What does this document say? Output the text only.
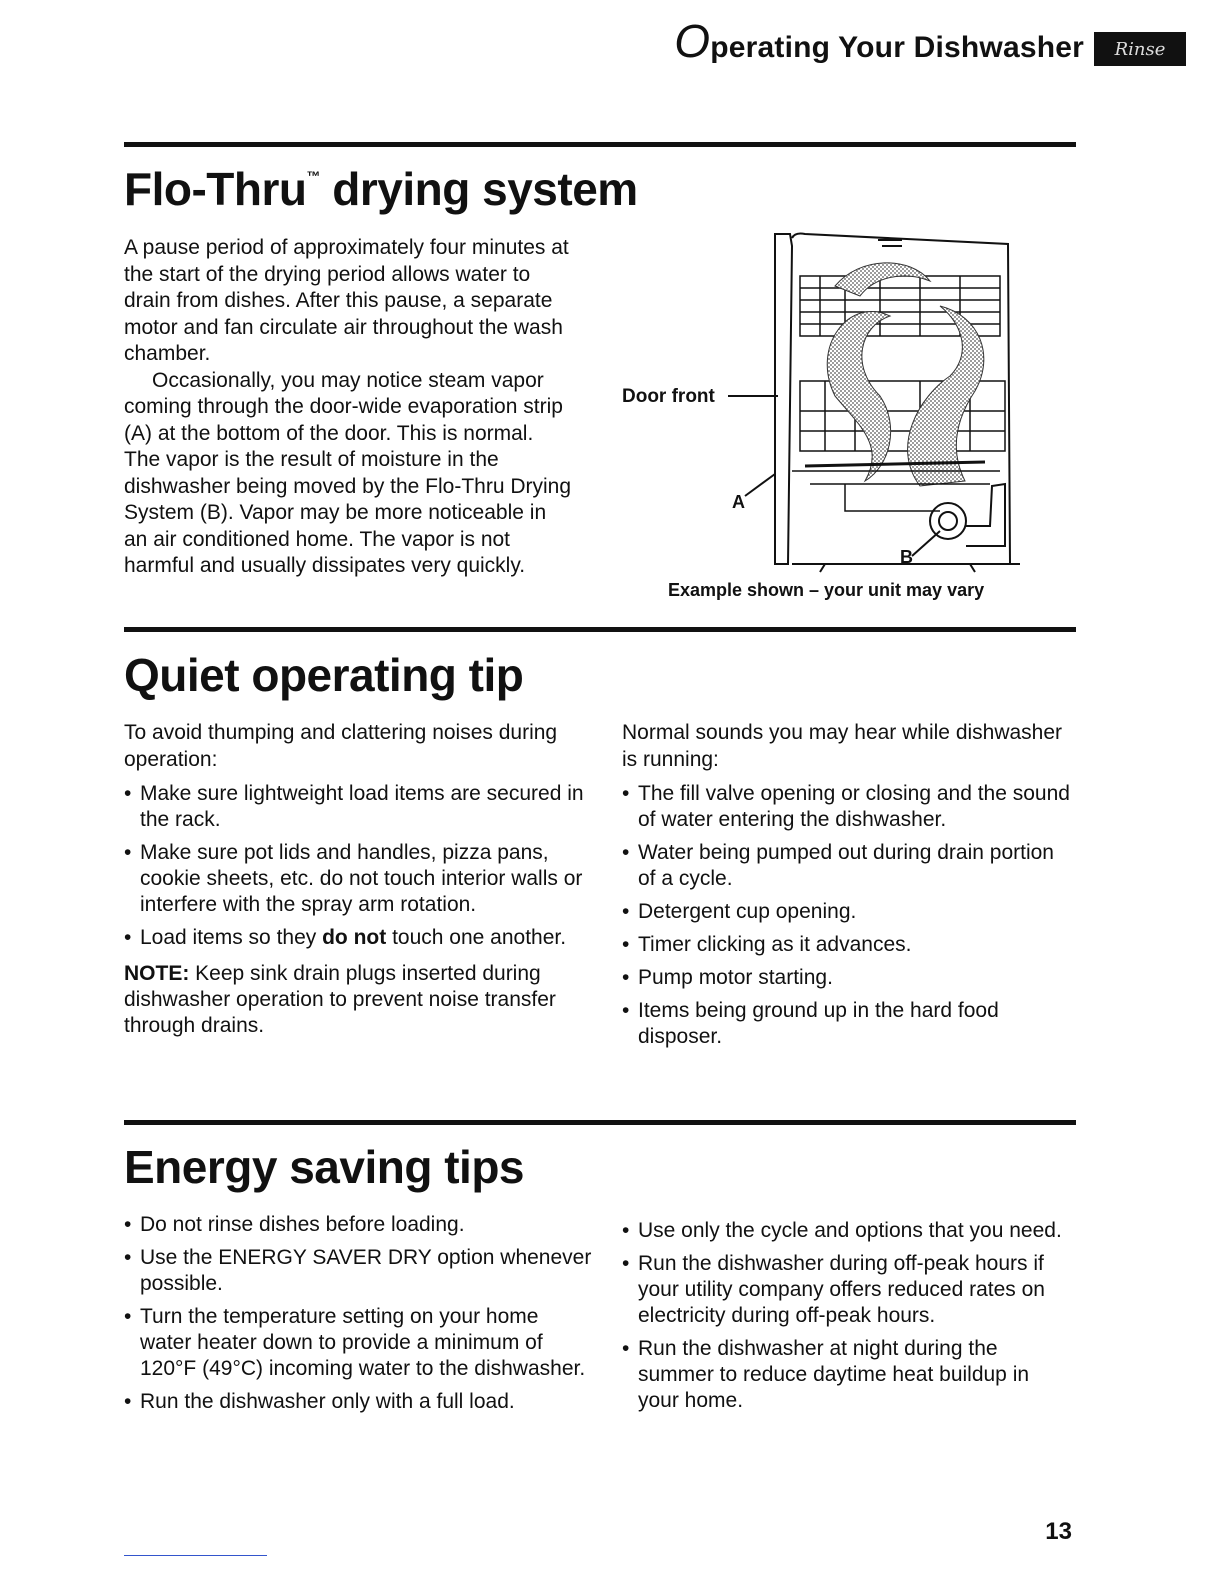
Operating Your Dishwasher Rinse
Flo-Thru™ drying system

A pause period of approximately four minutes at the start of the drying period allows water to drain from dishes. After this pause, a separate motor and fan circulate air throughout the wash chamber.

Occasionally, you may notice steam vapor coming through the door-wide evaporation strip (A) at the bottom of the door. This is normal. The vapor is the result of moisture in the dishwasher being moved by the Flo-Thru Drying System (B). Vapor may be more noticeable in an air conditioned home. The vapor is not harmful and usually dissipates very quickly.

Door front
A
B
Example shown – your unit may vary
Quiet operating tip

To avoid thumping and clattering noises during operation:

• Make sure lightweight load items are secured in the rack.
• Make sure pot lids and handles, pizza pans, cookie sheets, etc. do not touch interior walls or interfere with the spray arm rotation.
• Load items so they do not touch one another.

NOTE: Keep sink drain plugs inserted during dishwasher operation to prevent noise transfer through drains.

Normal sounds you may hear while dishwasher is running:

• The fill valve opening or closing and the sound of water entering the dishwasher.
• Water being pumped out during drain portion of a cycle.
• Detergent cup opening.
• Timer clicking as it advances.
• Pump motor starting.
• Items being ground up in the hard food disposer.
Energy saving tips
• Do not rinse dishes before loading.
• Use the ENERGY SAVER DRY option whenever possible.
• Turn the temperature setting on your home water heater down to provide a minimum of 120°F (49°C) incoming water to the dishwasher.
• Run the dishwasher only with a full load.
• Use only the cycle and options that you need.
• Run the dishwasher during off-peak hours if your utility company offers reduced rates on electricity during off-peak hours.
• Run the dishwasher at night during the summer to reduce daytime heat buildup in your home.
13
